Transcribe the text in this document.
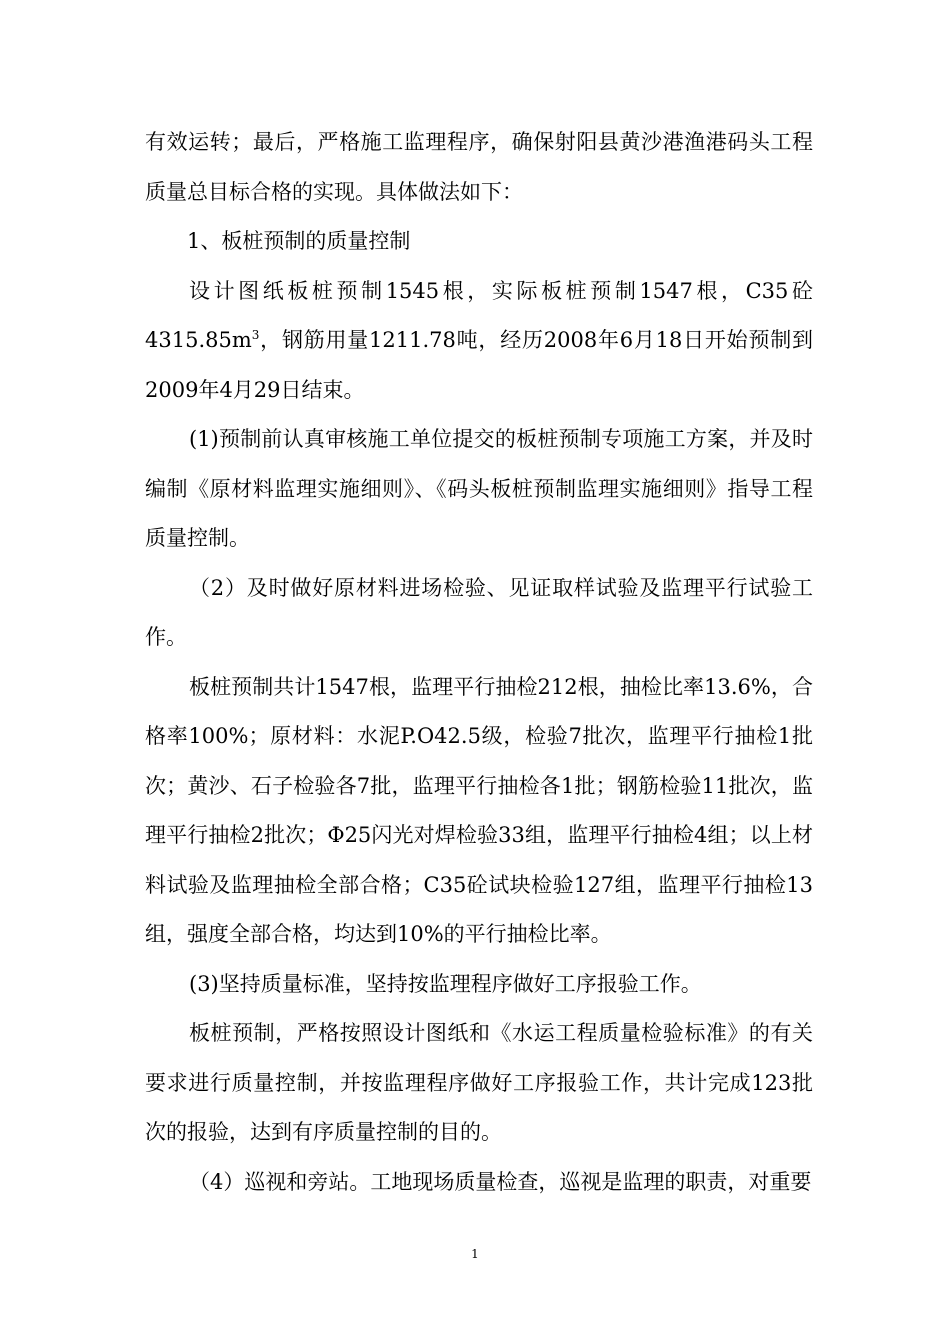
有效运转；最后，严格施工监理程序，确保射阳县黄沙港渔港码头工程质量总目标合格的实现。具体做法如下：

1、板桩预制的质量控制

设计图纸板桩预制1545根，实际板桩预制1547根，C35砼$4315.85m^3$，钢筋用量1211.78吨，经历2008年6月18日开始预制到2009年4月29日结束。

(1)预制前认真审核施工单位提交的板桩预制专项施工方案，并及时编制《原材料监理实施细则》、《码头板桩预制监理实施细则》指导工程质量控制。

（2）及时做好原材料进场检验、见证取样试验及监理平行试验工作。

板桩预制共计1547根，监理平行抽检212根，抽检比率13.6%，合格率100%；原材料：水泥P.O42.5级，检验7批次，监理平行抽检1批次；黄沙、石子检验各7批，监理平行抽检各1批；钢筋检验11批次，监理平行抽检2批次；Φ25闪光对焊检验33组，监理平行抽检4组；以上材料试验及监理抽检全部合格；C35砼试块检验127组，监理平行抽检13组，强度全部合格，均达到10%的平行抽检比率。

(3)坚持质量标准，坚持按监理程序做好工序报验工作。

板桩预制，严格按照设计图纸和《水运工程质量检验标准》的有关要求进行质量控制，并按监理程序做好工序报验工作，共计完成123批次的报验，达到有序质量控制的目的。

（4）巡视和旁站。工地现场质量检查，巡视是监理的职责，对重要

1
